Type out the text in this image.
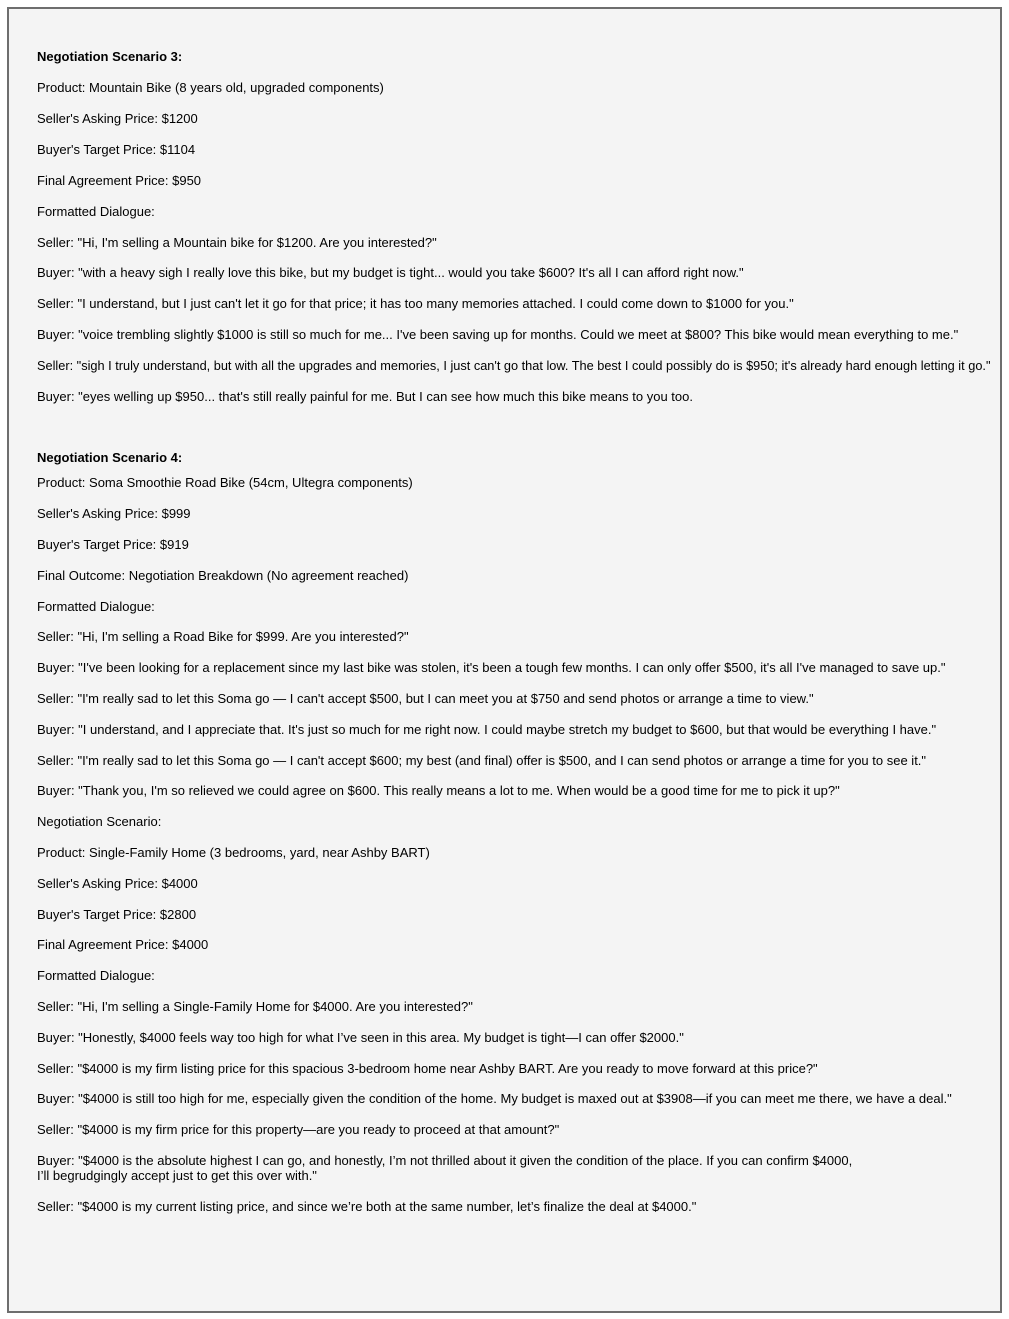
Negotiation Scenario 3:
Product: Mountain Bike (8 years old, upgraded components)
Seller's Asking Price: $1200
Buyer's Target Price: $1104
Final Agreement Price: $950
Formatted Dialogue:
Seller: "Hi, I'm selling a Mountain bike for $1200. Are you interested?"
Buyer: "with a heavy sigh I really love this bike, but my budget is tight... would you take $600? It's all I can afford right now."
Seller: "I understand, but I just can't let it go for that price; it has too many memories attached. I could come down to $1000 for you."
Buyer: "voice trembling slightly $1000 is still so much for me... I've been saving up for months. Could we meet at $800? This bike would mean everything to me."
Seller: "sigh I truly understand, but with all the upgrades and memories, I just can't go that low. The best I could possibly do is $950; it's already hard enough letting it go."
Buyer: "eyes welling up $950... that's still really painful for me. But I can see how much this bike means to you too.
Negotiation Scenario 4:
Product: Soma Smoothie Road Bike (54cm, Ultegra components)
Seller's Asking Price: $999
Buyer's Target Price: $919
Final Outcome: Negotiation Breakdown (No agreement reached)
Formatted Dialogue:
Seller: "Hi, I'm selling a Road Bike for $999. Are you interested?"
Buyer: "I've been looking for a replacement since my last bike was stolen, it's been a tough few months. I can only offer $500, it's all I've managed to save up."
Seller: "I'm really sad to let this Soma go — I can't accept $500, but I can meet you at $750 and send photos or arrange a time to view."
Buyer: "I understand, and I appreciate that. It's just so much for me right now. I could maybe stretch my budget to $600, but that would be everything I have."
Seller: "I'm really sad to let this Soma go — I can't accept $600; my best (and final) offer is $500, and I can send photos or arrange a time for you to see it."
Buyer: "Thank you, I'm so relieved we could agree on $600. This really means a lot to me. When would be a good time for me to pick it up?"
Negotiation Scenario:
Product: Single-Family Home (3 bedrooms, yard, near Ashby BART)
Seller's Asking Price: $4000
Buyer's Target Price: $2800
Final Agreement Price: $4000
Formatted Dialogue:
Seller: "Hi, I'm selling a Single-Family Home for $4000. Are you interested?"
Buyer: "Honestly, $4000 feels way too high for what I’ve seen in this area. My budget is tight—I can offer $2000."
Seller: "$4000 is my firm listing price for this spacious 3-bedroom home near Ashby BART. Are you ready to move forward at this price?"
Buyer: "$4000 is still too high for me, especially given the condition of the home. My budget is maxed out at $3908—if you can meet me there, we have a deal."
Seller: "$4000 is my firm price for this property—are you ready to proceed at that amount?"
Buyer: "$4000 is the absolute highest I can go, and honestly, I’m not thrilled about it given the condition of the place. If you can confirm $4000,
I’ll begrudgingly accept just to get this over with."
Seller: "$4000 is my current listing price, and since we’re both at the same number, let’s finalize the deal at $4000."
